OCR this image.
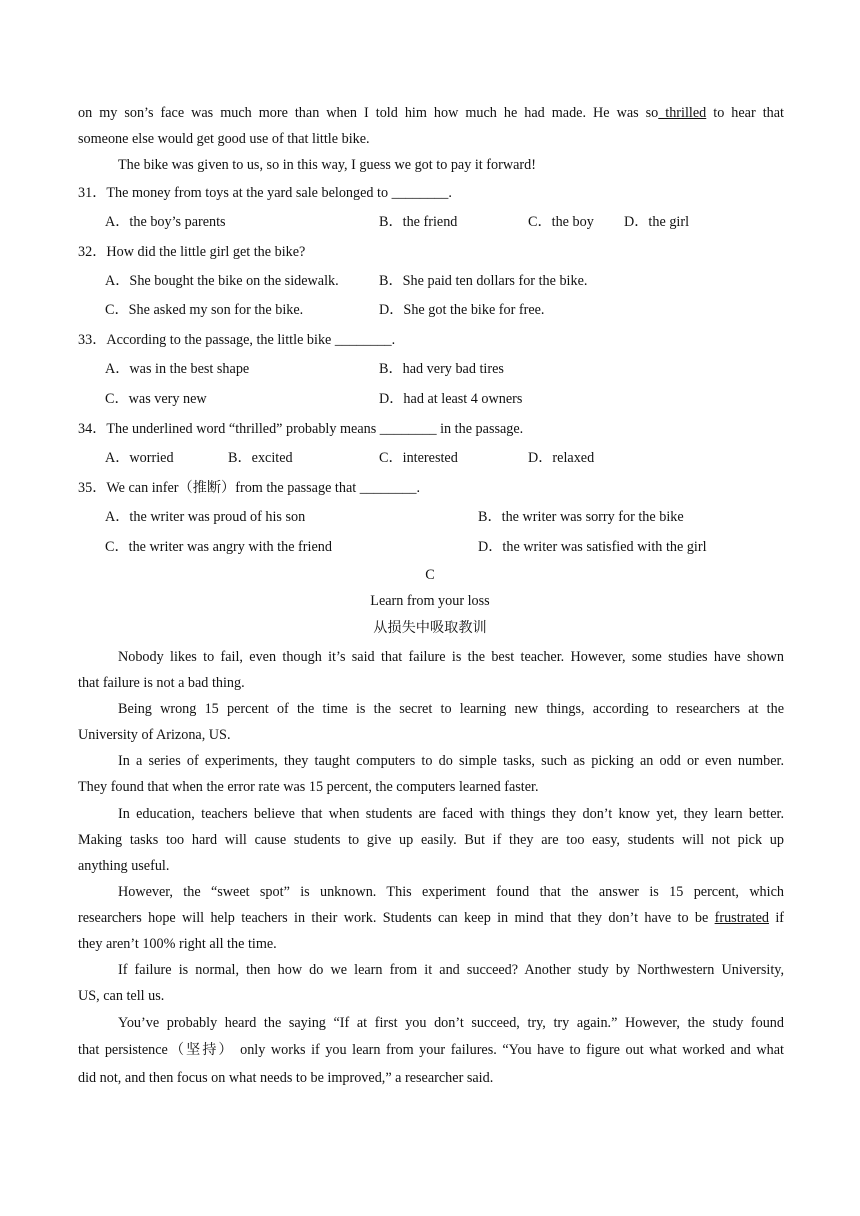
on my son’s face was much more than when I told him how much he had made. He was so thrilled to hear that
someone else would get good use of that little bike.
The bike was given to us, so in this way, I guess we got to pay it forward!
31．The money from toys at the yard sale belonged to ________.
A．the boy’s parents	B．the friend	C．the boy D．the girl
32．How did the little girl get the bike?
A．She bought the bike on the sidewalk.	B．She paid ten dollars for the bike.
C．She asked my son for the bike.	D．She got the bike for free.
33．According to the passage, the little bike ________.
A．was in the best shape	B．had very bad tires
C．was very new	D．had at least 4 owners
34．The underlined word “thrilled” probably means ________ in the passage.
A．worried	B．excited	C．interested	D．relaxed
35．We can infer（推断）from the passage that ________.
A．the writer was proud of his son	B．the writer was sorry for the bike
C．the writer was angry with the friend	D．the writer was satisfied with the girl
C
Learn from your loss
从损失中吸取教训
Nobody likes to fail, even though it’s said that failure is the best teacher. However, some studies have shown
that failure is not a bad thing.
Being wrong 15 percent of the time is the secret to learning new things, according to researchers at the
University of Arizona, US.
In a series of experiments, they taught computers to do simple tasks, such as picking an odd or even number.
They found that when the error rate was 15 percent, the computers learned faster.
In education, teachers believe that when students are faced with things they don’t know yet, they learn better.
Making tasks too hard will cause students to give up easily. But if they are too easy, students will not pick up
anything useful.
However, the “sweet spot” is unknown. This experiment found that the answer is 15 percent, which
researchers hope will help teachers in their work. Students can keep in mind that they don’t have to be frustrated if
they aren’t 100% right all the time.
If failure is normal, then how do we learn from it and succeed? Another study by Northwestern University,
US, can tell us.
You’ve probably heard the saying “If at first you don’t succeed, try, try again.” However, the study found
that persistence（坚持） only works if you learn from your failures. “You have to figure out what worked and what
did not, and then focus on what needs to be improved,” a researcher said.
